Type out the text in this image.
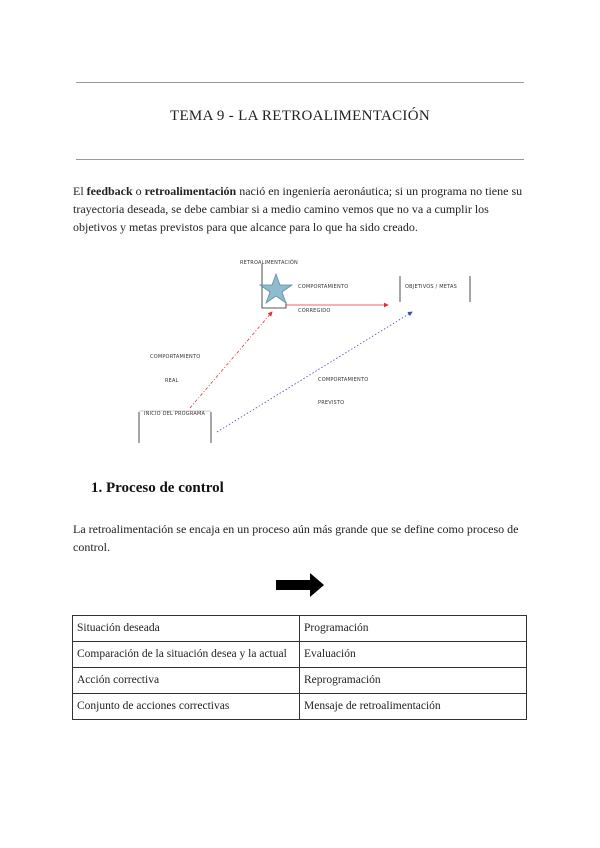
TEMA 9 - LA RETROALIMENTACIÓN
El feedback o retroalimentación nació en ingeniería aeronáutica; si un programa no tiene su trayectoria deseada, se debe cambiar si a medio camino vemos que no va a cumplir los objetivos y metas previstos para que alcance para lo que ha sido creado.
INICIO DEL PROGRAMA
RETROALIMENTACIÓN
COMPORTAMIENTO
CORREGIDO
OBJETIVOS / METAS
COMPORTAMIENTO
REAL	COMPORTAMIENTO
PREVISTO
1. Proceso de control
La retroalimentación se encaja en un proceso aún más grande que se define como proceso de control.
Situación deseada	Programación
Comparación de la situación desea y la actual	Evaluación
Acción correctiva	Reprogramación
Conjunto de acciones correctivas	Mensaje de retroalimentación
